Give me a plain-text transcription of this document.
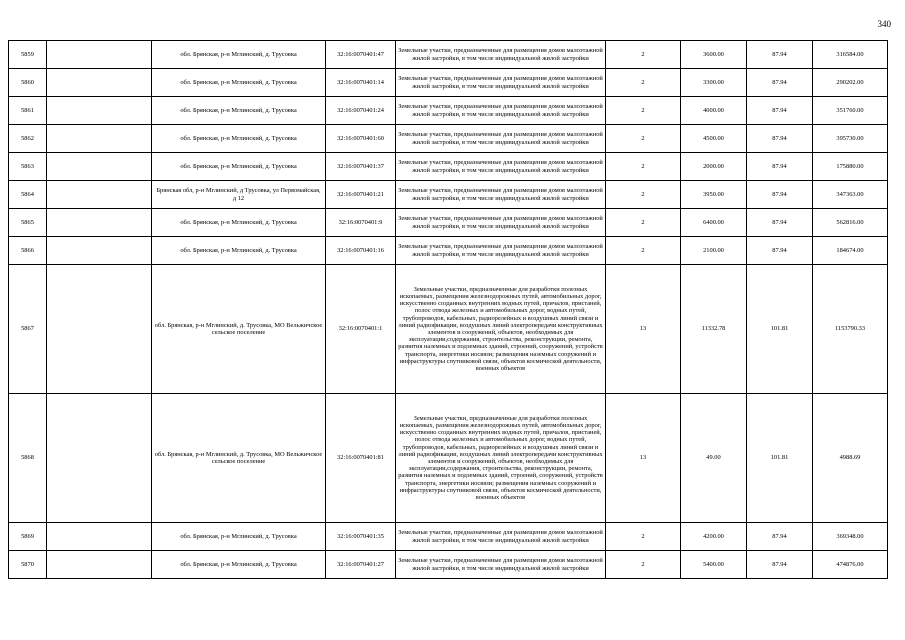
340
5859		обл. Брянская, р-н Мглинский, д. Трусовка	32:16:0070401:47	Земельные участки, предназначенные для размещения домов малоэтажной жилой застройки, в том числе индивидуальной жилой застройки	2	3600.00	87.94	316584.00
5860		обл. Брянская, р-н Мглинский, д. Трусовка	32:16:0070401:14	Земельные участки, предназначенные для размещения домов малоэтажной жилой застройки, в том числе индивидуальной жилой застройки	2	3300.00	87.94	290202.00
5861		обл. Брянская, р-н Мглинский, д. Трусовка	32:16:0070401:24	Земельные участки, предназначенные для размещения домов малоэтажной жилой застройки, в том числе индивидуальной жилой застройки	2	4000.00	87.94	351760.00
5862		обл. Брянская, р-н Мглинский, д. Трусовка	32:16:0070401:60	Земельные участки, предназначенные для размещения домов малоэтажной жилой застройки, в том числе индивидуальной жилой застройки	2	4500.00	87.94	395730.00
5863		обл. Брянская, р-н Мглинский, д. Трусовка	32:16:0070401:37	Земельные участки, предназначенные для размещения домов малоэтажной жилой застройки, в том числе индивидуальной жилой застройки	2	2000.00	87.94	175880.00
5864		Брянская обл, р-н Мглинский, д Трусовка, ул Первомайская, д 12	32:16:0070401:21	Земельные участки, предназначенные для размещения домов малоэтажной жилой застройки, в том числе индивидуальной жилой застройки	2	3950.00	87.94	347363.00
5865		обл. Брянская, р-н Мглинский, д. Трусовка	32:16:0070401:9	Земельные участки, предназначенные для размещения домов малоэтажной жилой застройки, в том числе индивидуальной жилой застройки	2	6400.00	87.94	562816.00
5866		обл. Брянская, р-н Мглинский, д. Трусовка	32:16:0070401:16	Земельные участки, предназначенные для размещения домов малоэтажной жилой застройки, в том числе индивидуальной жилой застройки	2	2100.00	87.94	184674.00
5867		обл. Брянская, р-н Мглинский, д. Трусовка, МО Вельжичское сельское поселение	32:16:0070401:1	Земельные участки, предназначенные для разработки полезных ископаемых, размещения железнодорожных путей, автомобильных дорог, искусственно созданных внутренних водных путей, причалов, пристаней, полос отвода железных и автомобильных дорог, водных путей, трубопроводов, кабельных, радиорелейных и воздушных линий связи и линий радиофикации, воздушных линий электропередачи конструктивных элементов и сооружений, объектов, необходимых для эксплуатации,содержания, строительства, реконструкции, ремонта, развития наземных и подземных зданий, строений, сооружений, устройств транспорта, энергетики иосвязи; размещения наземных сооружений и инфраструктуры спутниковой связи, объектов космической деятельности, военных объектов	13	11332.78	101.81	1153790.33
5868		обл. Брянская, р-н Мглинский, д. Трусовка, МО Вельжичское сельское поселение	32:16:0070401:81	Земельные участки, предназначенные для разработки полезных ископаемых, размещения железнодорожных путей, автомобильных дорог, искусственно созданных внутренних водных путей, причалов, пристаней, полос отвода железных и автомобильных дорог, водных путей, трубопроводов, кабельных, радиорелейных и воздушных линий связи и линий радиофикации, воздушных линий электропередачи конструктивных элементов и сооружений, объектов, необходимых для эксплуатации,содержания, строительства, реконструкции, ремонта, развития наземных и подземных зданий, строений, сооружений, устройств транспорта, энергетики иосвязи; размещения наземных сооружений и инфраструктуры спутниковой связи, объектов космической деятельности, военных объектов	13	49.00	101.81	4988.69
5869		обл. Брянская, р-н Мглинский, д. Трусовка	32:16:0070401:35	Земельные участки, предназначенные для размещения домов малоэтажной жилой застройки, в том числе индивидуальной жилой застройки	2	4200.00	87.94	369348.00
5870		обл. Брянская, р-н Мглинский, д. Трусовка	32:16:0070401:27	Земельные участки, предназначенные для размещения домов малоэтажной жилой застройки, в том числе индивидуальной жилой застройки	2	5400.00	87.94	474876.00
